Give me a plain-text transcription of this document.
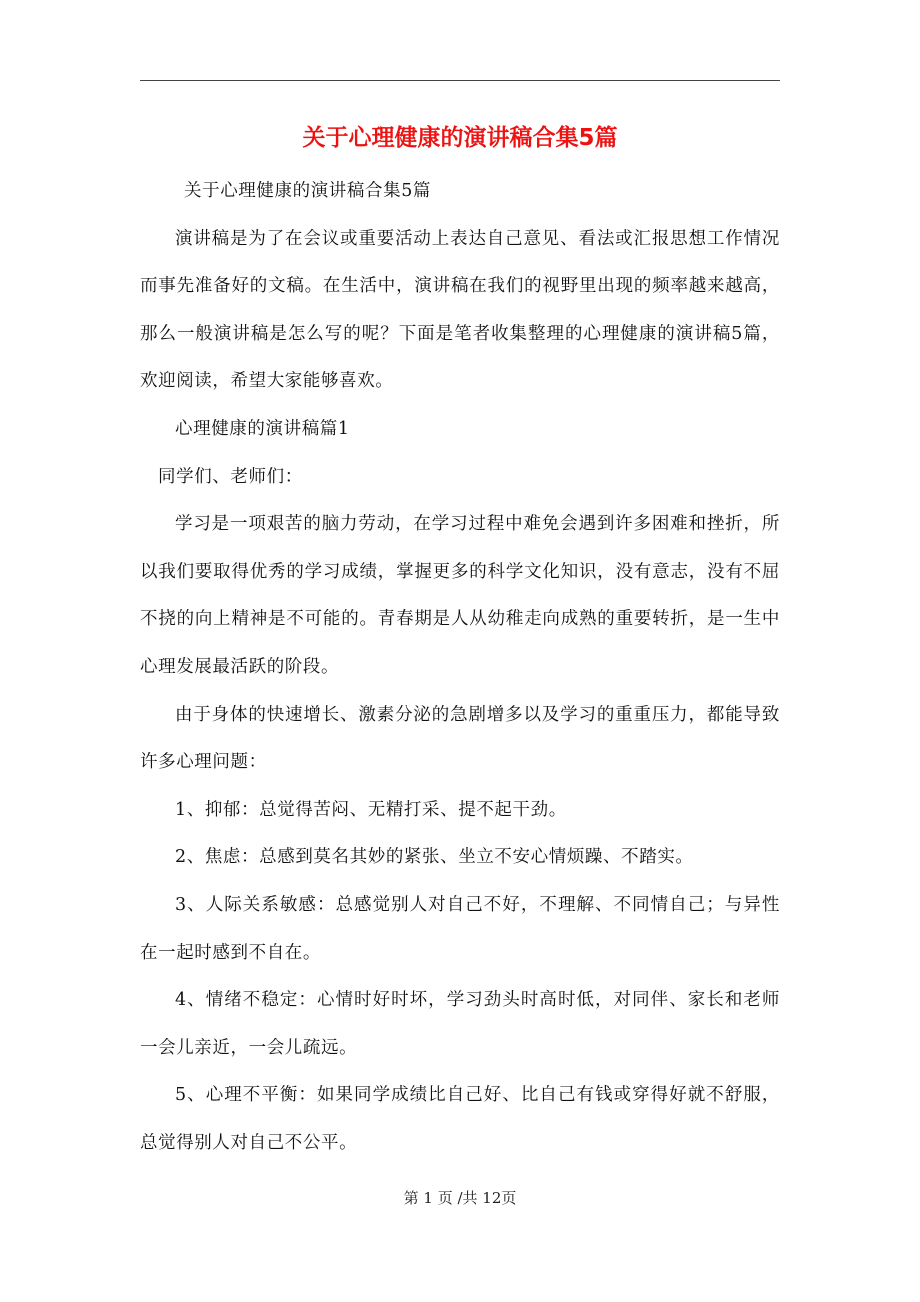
关于心理健康的演讲稿合集5篇

关于心理健康的演讲稿合集5篇

演讲稿是为了在会议或重要活动上表达自己意见、看法或汇报思想工作情况而事先准备好的文稿。在生活中，演讲稿在我们的视野里出现的频率越来越高，那么一般演讲稿是怎么写的呢？下面是笔者收集整理的心理健康的演讲稿5篇，欢迎阅读，希望大家能够喜欢。

心理健康的演讲稿篇1

同学们、老师们：

学习是一项艰苦的脑力劳动，在学习过程中难免会遇到许多困难和挫折，所以我们要取得优秀的学习成绩，掌握更多的科学文化知识，没有意志，没有不屈不挠的向上精神是不可能的。青春期是人从幼稚走向成熟的重要转折，是一生中心理发展最活跃的阶段。

由于身体的快速增长、激素分泌的急剧增多以及学习的重重压力，都能导致许多心理问题：

1、抑郁：总觉得苦闷、无精打采、提不起干劲。

2、焦虑：总感到莫名其妙的紧张、坐立不安心情烦躁、不踏实。

3、人际关系敏感：总感觉别人对自己不好，不理解、不同情自己；与异性在一起时感到不自在。

4、情绪不稳定：心情时好时坏，学习劲头时高时低，对同伴、家长和老师一会儿亲近，一会儿疏远。

5、心理不平衡：如果同学成绩比自己好、比自己有钱或穿得好就不舒服，总觉得别人对自己不公平。

第 1 页 /共 12页
